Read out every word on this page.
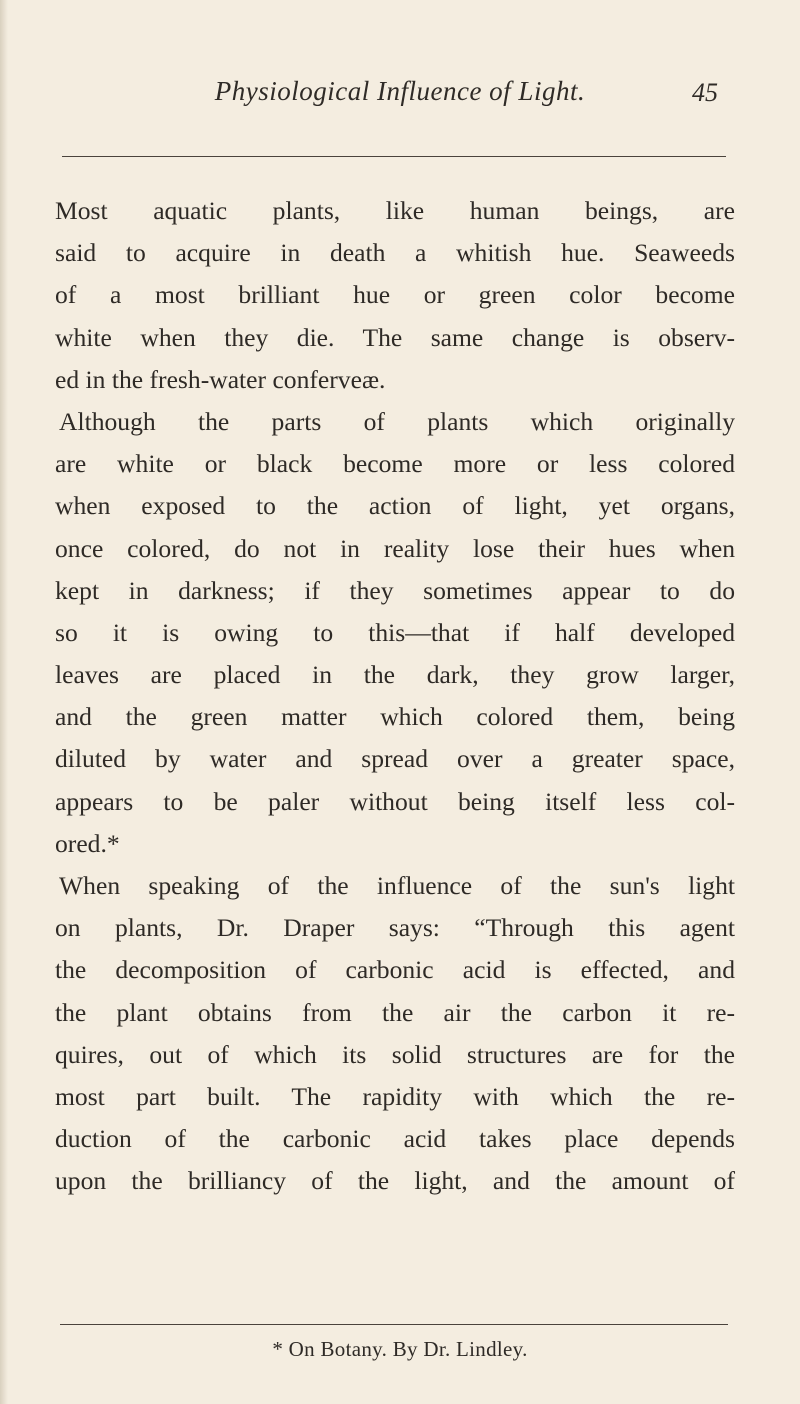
Physiological Influence of Light.	45
Most aquatic plants, like human beings, are
said to acquire in death a whitish hue. Seaweeds
of a most brilliant hue or green color become
white when they die. The same change is observ-
ed in the fresh-water confervеæ.
Although the parts of plants which originally
are white or black become more or less colored
when exposed to the action of light, yet organs,
once colored, do not in reality lose their hues when
kept in darkness; if they sometimes appear to do
so it is owing to this—that if half developed
leaves are placed in the dark, they grow larger,
and the green matter which colored them, being
diluted by water and spread over a greater space,
appears to be paler without being itself less col-
ored.*
When speaking of the influence of the sun's light
on plants, Dr. Draper says: “Through this agent
the decomposition of carbonic acid is effected, and
the plant obtains from the air the carbon it re-
quires, out of which its solid structures are for the
most part built. The rapidity with which the re-
duction of the carbonic acid takes place depends
upon the brilliancy of the light, and the amount of
* On Botany. By Dr. Lindley.
